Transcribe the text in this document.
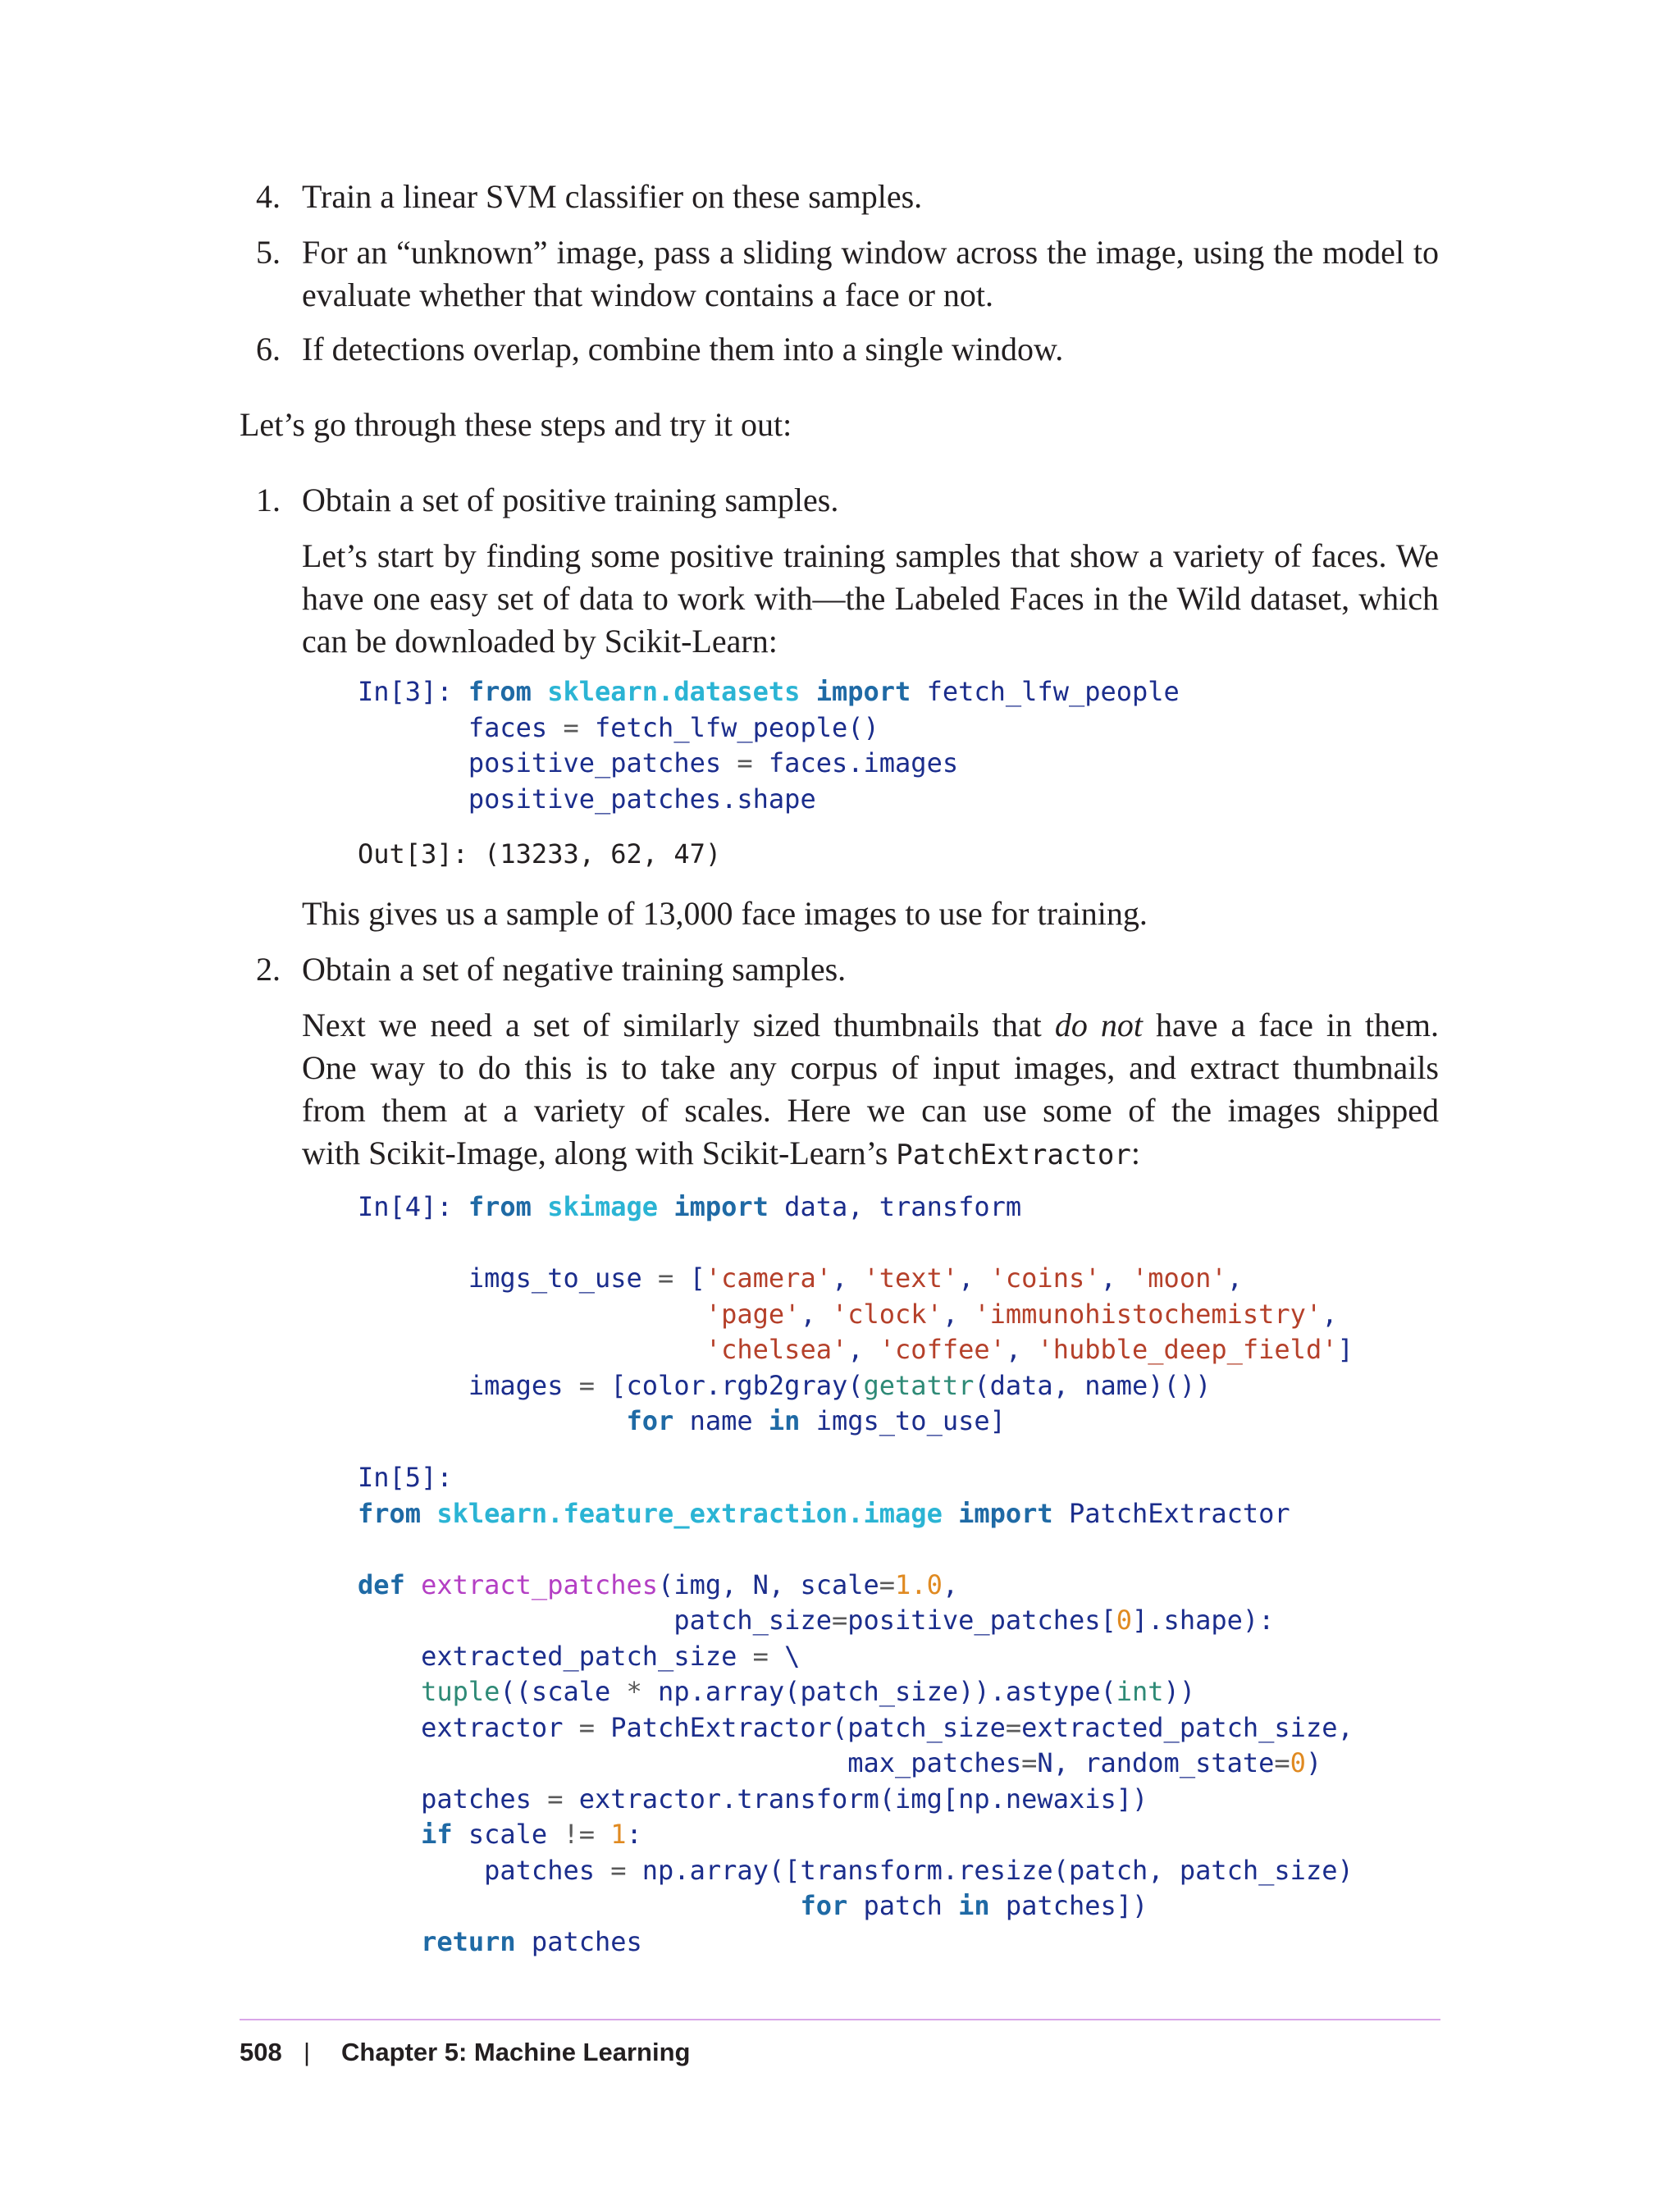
4. Train a linear SVM classifier on these samples.
5. For an “unknown” image, pass a sliding window across the image, using the model to evaluate whether that window contains a face or not.
6. If detections overlap, combine them into a single window.
Let’s go through these steps and try it out:
1. Obtain a set of positive training samples.
Let’s start by finding some positive training samples that show a variety of faces. We have one easy set of data to work with—the Labeled Faces in the Wild dataset, which can be downloaded by Scikit-Learn:
In[3]: from sklearn.datasets import fetch_lfw_people
faces = fetch_lfw_people()
positive_patches = faces.images
positive_patches.shape
Out[3]: (13233, 62, 47)
This gives us a sample of 13,000 face images to use for training.
2. Obtain a set of negative training samples.
Next we need a set of similarly sized thumbnails that do not have a face in them.
One way to do this is to take any corpus of input images, and extract thumbnails
from them at a variety of scales. Here we can use some of the images shipped
with Scikit-Image, along with Scikit-Learn’s PatchExtractor:
In[4]: from skimage import data, transform

imgs_to_use = ['camera', 'text', 'coins', 'moon',
'page', 'clock', 'immunohistochemistry',
'chelsea', 'coffee', 'hubble_deep_field']
images = [color.rgb2gray(getattr(data, name)())
for name in imgs_to_use]
In[5]:
from sklearn.feature_extraction.image import PatchExtractor

def extract_patches(img, N, scale=1.0,
patch_size=positive_patches[0].shape):
extracted_patch_size = \
tuple((scale * np.array(patch_size)).astype(int))
extractor = PatchExtractor(patch_size=extracted_patch_size,
max_patches=N, random_state=0)
patches = extractor.transform(img[np.newaxis])
if scale != 1:
patches = np.array([transform.resize(patch, patch_size)
for patch in patches])
return patches
508 | Chapter 5: Machine Learning
